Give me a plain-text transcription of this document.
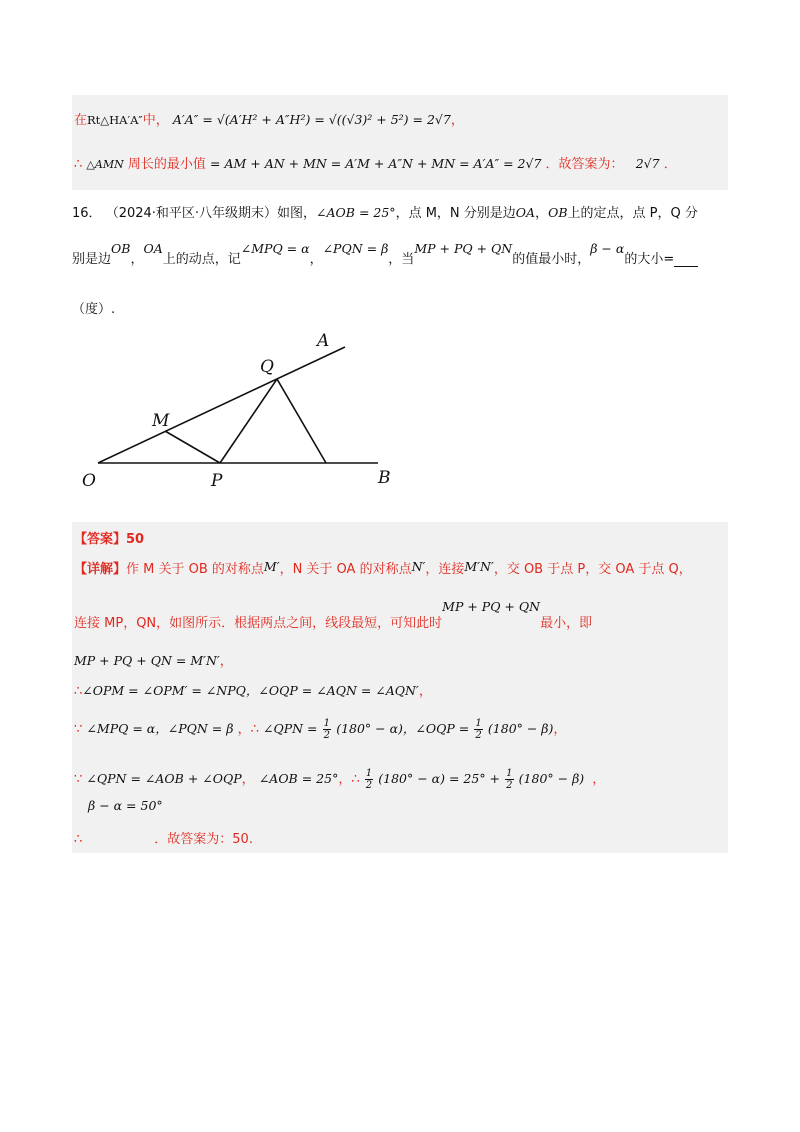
在Rt△HA′A″中， A′A″ = √(A′H² + A″H²) = √((√3)² + 5²) = 2√7，
∴ △AMN 周长的最小值 = AM + AN + MN = A′M + A″N + MN = A′A″ = 2√7 ．故答案为： 2√7 ．
16． （2024·和平区·八年级期末）如图，∠AOB = 25°，点 M，N 分别是边OA，OB上的定点，点 P，Q 分
别是边OB，OA上的动点，记∠MPQ = α，∠PQN = β，当MP + PQ + QN的值最小时，β − α的大小=
（度）.
A
Q
M
O	P	B
【答案】50
【详解】作 M 关于 OB 的对称点M′，N 关于 OA 的对称点N′，连接M′N′，交 OB 于点 P，交 OA 于点 Q，
连接 MP，QN，如图所示．根据两点之间，线段最短，可知此时MP + PQ + QN最小，即
MP + PQ + QN = M′N′，
∴∠OPM = ∠OPM′ = ∠NPQ，∠OQP = ∠AQN = ∠AQN′，
∵ ∠MPQ = α，∠PQN = β ，∴ ∠QPN = $\frac{1}{2} (180^\circ - \alpha)$，∠OQP = $\frac{1}{2} (180^\circ - \beta)$，
∵ ∠QPN = ∠AOB + ∠OQP， ∠AOB = 25°，∴ $\frac{1}{2} (180^\circ - \alpha) = 25^\circ + \frac{1}{2} (180^\circ - \beta)$ ，
β − α = 50°
∴	．故答案为：50.
